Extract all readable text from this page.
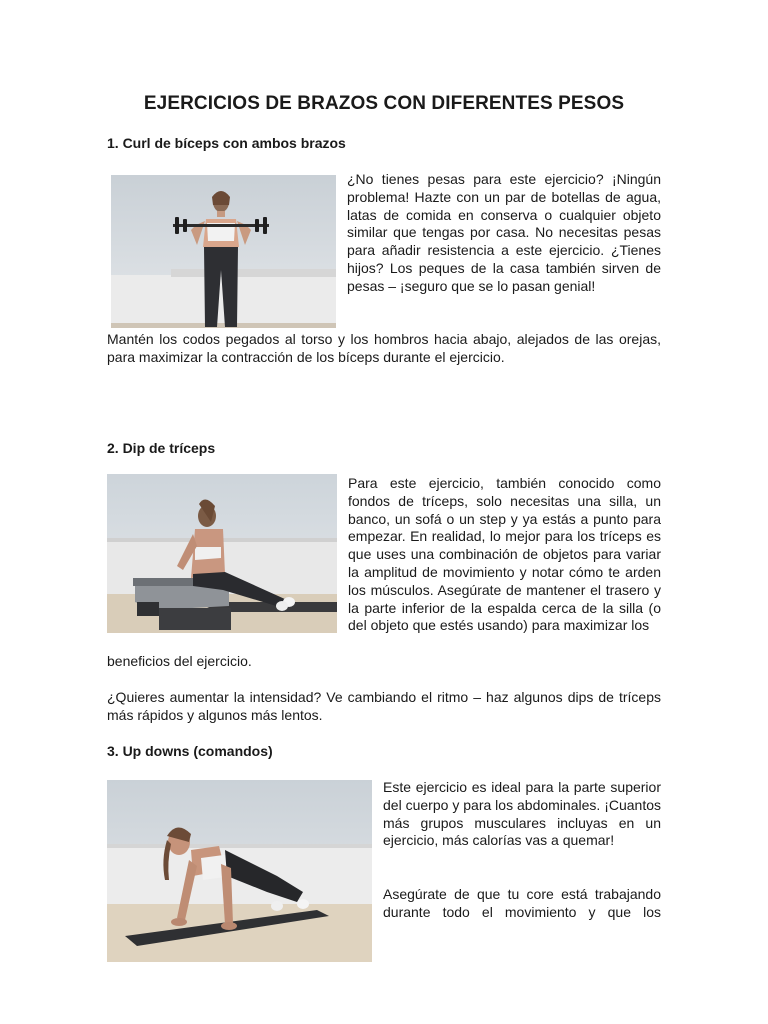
EJERCICIOS DE BRAZOS CON DIFERENTES PESOS
1. Curl de bíceps con ambos brazos

¿No tienes pesas para este ejercicio? ¡Ningún problema! Hazte con un par de botellas de agua, latas de comida en conserva o cualquier objeto similar que tengas por casa. No necesitas pesas para añadir resistencia a este ejercicio. ¿Tienes hijos? Los peques de la casa también sirven de pesas – ¡seguro que se lo pasan genial!

Mantén los codos pegados al torso y los hombros hacia abajo, alejados de las orejas, para maximizar la contracción de los bíceps durante el ejercicio.

2. Dip de tríceps

Para este ejercicio, también conocido como fondos de tríceps, solo necesitas una silla, un banco, un sofá o un step y ya estás a punto para empezar. En realidad, lo mejor para los tríceps es que uses una combinación de objetos para variar la amplitud de movimiento y notar cómo te arden los músculos. Asegúrate de mantener el trasero y la parte inferior de la espalda cerca de la silla (o del objeto que estés usando) para maximizar los

beneficios del ejercicio.

¿Quieres aumentar la intensidad? Ve cambiando el ritmo – haz algunos dips de tríceps más rápidos y algunos más lentos.

3. Up downs (comandos)

Este ejercicio es ideal para la parte superior del cuerpo y para los abdominales. ¡Cuantos más grupos musculares incluyas en un ejercicio, más calorías vas a quemar!

Asegúrate de que tu core está trabajando durante todo el movimiento y que los
